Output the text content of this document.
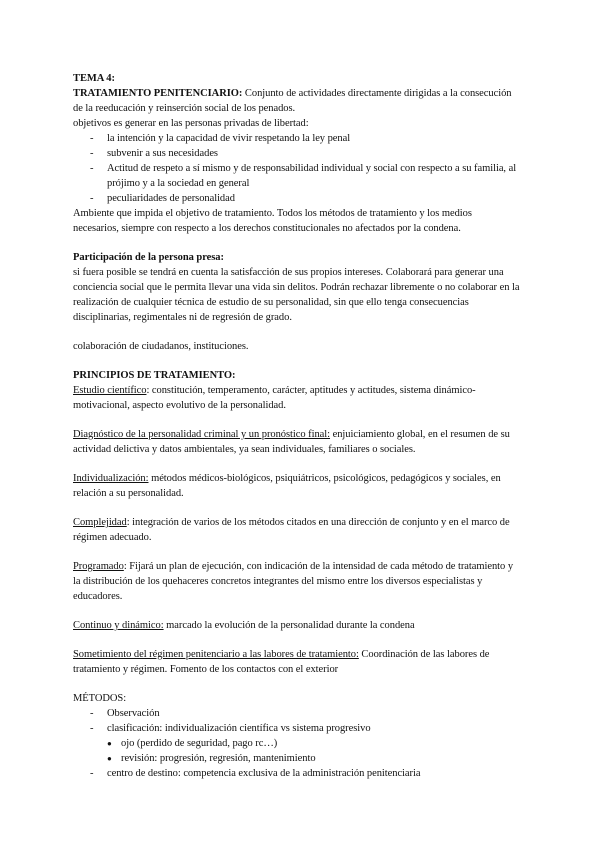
TEMA 4:

TRATAMIENTO PENITENCIARIO: Conjunto de actividades directamente dirigidas a la consecución de la reeducación y reinserción social de los penados.

objetivos es generar en las personas privadas de libertad:

- la intención y la capacidad de vivir respetando la ley penal
- subvenir a sus necesidades
- Actitud de respeto a sí mismo y de responsabilidad individual y social con respecto a su familia, al prójimo y a la sociedad en general
- peculiaridades de personalidad

Ambiente que impida el objetivo de tratamiento. Todos los métodos de tratamiento y los medios necesarios, siempre con respecto a los derechos constitucionales no afectados por la condena.

Participación de la persona presa:

si fuera posible se tendrá en cuenta la satisfacción de sus propios intereses. Colaborará para generar una conciencia social que le permita llevar una vida sin delitos. Podrán rechazar libremente o no colaborar en la realización de cualquier técnica de estudio de su personalidad, sin que ello tenga consecuencias disciplinarias, regimentales ni de regresión de grado.

colaboración de ciudadanos, instituciones.

PRINCIPIOS DE TRATAMIENTO:

Estudio científico: constitución, temperamento, carácter, aptitudes y actitudes, sistema dinámico-motivacional, aspecto evolutivo de la personalidad.

Diagnóstico de la personalidad criminal y un pronóstico final: enjuiciamiento global, en el resumen de su actividad delictiva y datos ambientales, ya sean individuales, familiares o sociales.

Individualización: métodos médicos-biológicos, psiquiátricos, psicológicos, pedagógicos y sociales, en relación a su personalidad.

Complejidad: integración de varios de los métodos citados en una dirección de conjunto y en el marco de régimen adecuado.

Programado: Fijará un plan de ejecución, con indicación de la intensidad de cada método de tratamiento y la distribución de los quehaceres concretos integrantes del mismo entre los diversos especialistas y educadores.

Continuo y dinámico: marcado la evolución de la personalidad durante la condena

Sometimiento del régimen penitenciario a las labores de tratamiento: Coordinación de las labores de tratamiento y régimen. Fomento de los contactos con el exterior

MÉTODOS:

- Observación
- clasificación: individualización científica vs sistema progresivo
● ojo (perdido de seguridad, pago rc…)
● revisión: progresión, regresión, mantenimiento
- centro de destino: competencia exclusiva de la administración penitenciaria
